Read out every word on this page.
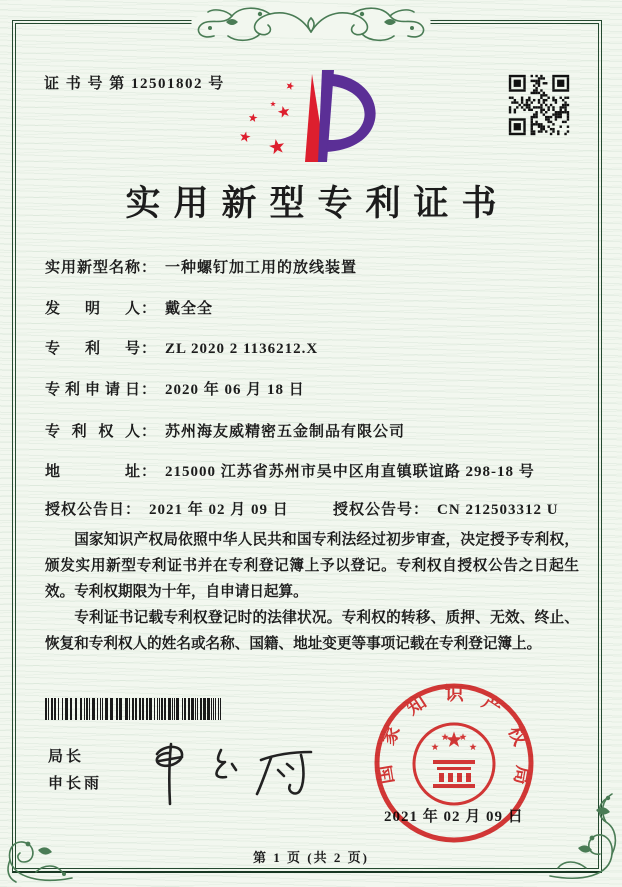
证 书 号 第 12501802 号
实用新型专利证书
实用新型名称： 一种螺钉加工用的放线装置
发明人： 戴全全
专利号： ZL 2020 2 1136212.X
专利申请日： 2020 年 06 月 18 日
专利权人： 苏州海友威精密五金制品有限公司
地址： 215000 江苏省苏州市吴中区甪直镇联谊路 298-18 号
授权公告日： 2021 年 02 月 09 日	授权公告号： CN 212503312 U

国家知识产权局依照中华人民共和国专利法经过初步审查，决定授予专利权，颁发实用新型专利证书并在专利登记簿上予以登记。专利权自授权公告之日起生效。专利权期限为十年，自申请日起算。

专利证书记载专利权登记时的法律状况。专利权的转移、质押、无效、终止、恢复和专利权人的姓名或名称、国籍、地址变更等事项记载在专利登记簿上。

局长
申长雨
2021 年 02 月 09 日
国家知识产权局
第 1 页 (共 2 页)
